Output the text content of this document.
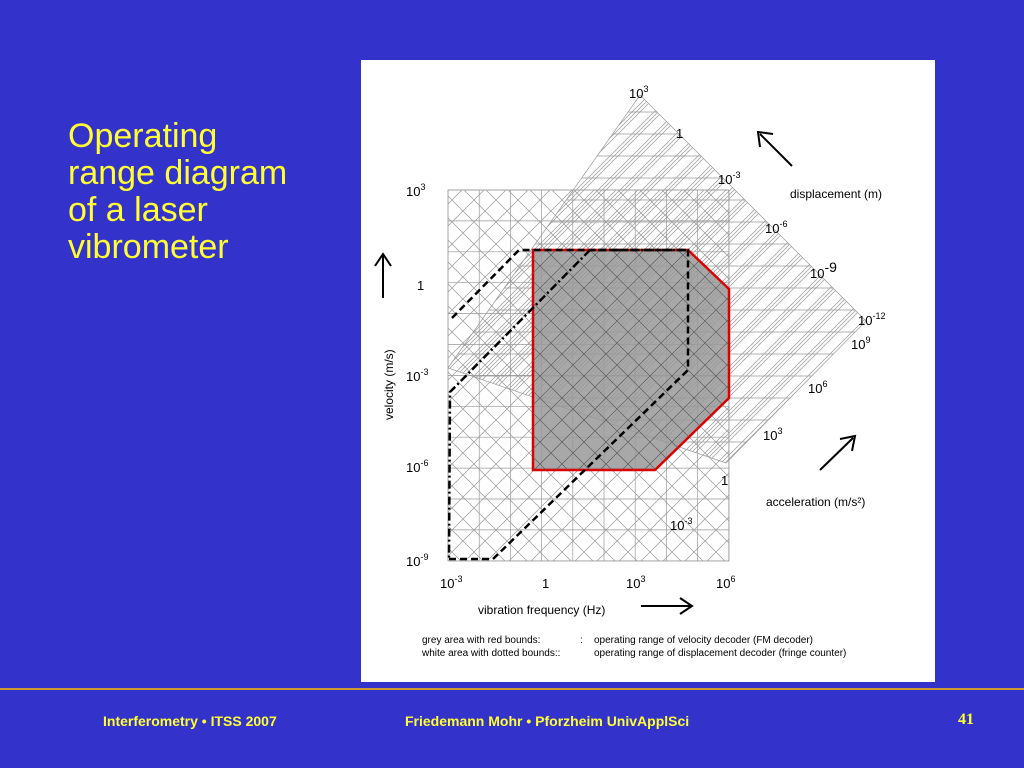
Operating
range diagram
of a laser
vibrometer
$10^3$
1
$10^{-3}$
$10^{-6}$
$10^{-9}$
velocity (m/s)
$10^{-3}$	1	$10^3$	$10^6$
vibration frequency (Hz)
$10^3$
1
$10^{-3}$
$10^{-6}$
10-9
$10^{-12}$
displacement (m)
$10^9$
$10^6$
$10^3$
1
$10^{-3}$
acceleration (m/s²)
grey area with red bounds:	: operating range of velocity decoder (FM decoder)
white area with dotted bounds::	operating range of displacement decoder (fringe counter)
Interferometry • ITSS 2007	Friedemann Mohr • Pforzheim UnivApplSci	41
